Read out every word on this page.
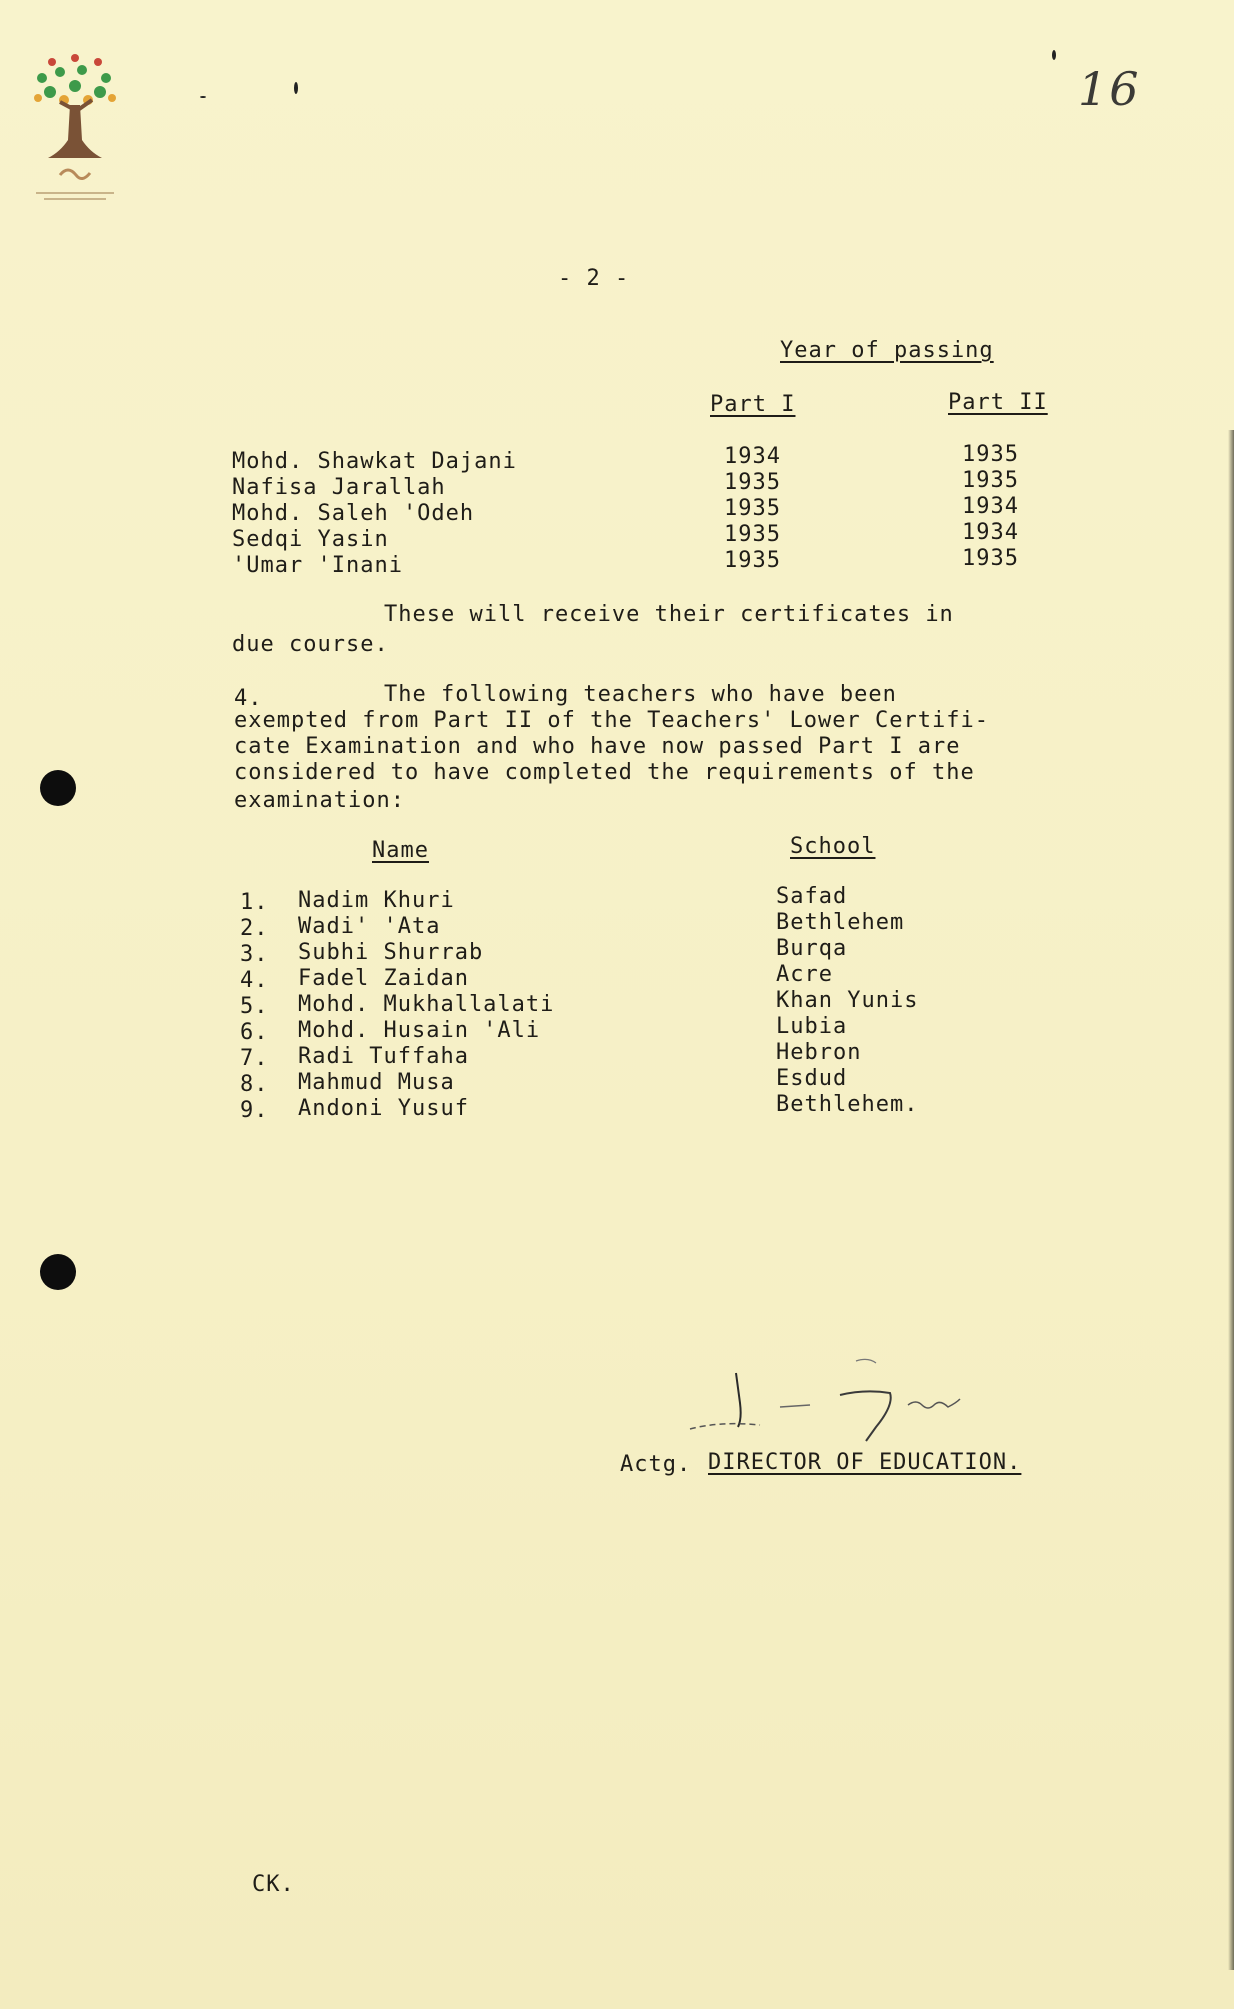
16
- 2 -
Year of passing
Part I	Part II
Mohd. Shawkat Dajani	1934	1935
Nafisa Jarallah	1935	1935
Mohd. Saleh 'Odeh	1935	1934
Sedqi Yasin	1935	1934
'Umar 'Inani	1935	1935
These will receive their certificates in
due course.
4.	The following teachers who have been
exempted from Part II of the Teachers' Lower Certifi-
cate Examination and who have now passed Part I are
considered to have completed the requirements of the
examination:
Name	School
1. Nadim Khuri	Safad
2. Wadi' 'Ata	Bethlehem
3. Subhi Shurrab	Burqa
4. Fadel Zaidan	Acre
5. Mohd. Mukhallalati	Khan Yunis
6. Mohd. Husain 'Ali	Lubia
7. Radi Tuffaha	Hebron
8. Mahmud Musa	Esdud
9. Andoni Yusuf	Bethlehem.
Actg. DIRECTOR OF EDUCATION.
CK.
